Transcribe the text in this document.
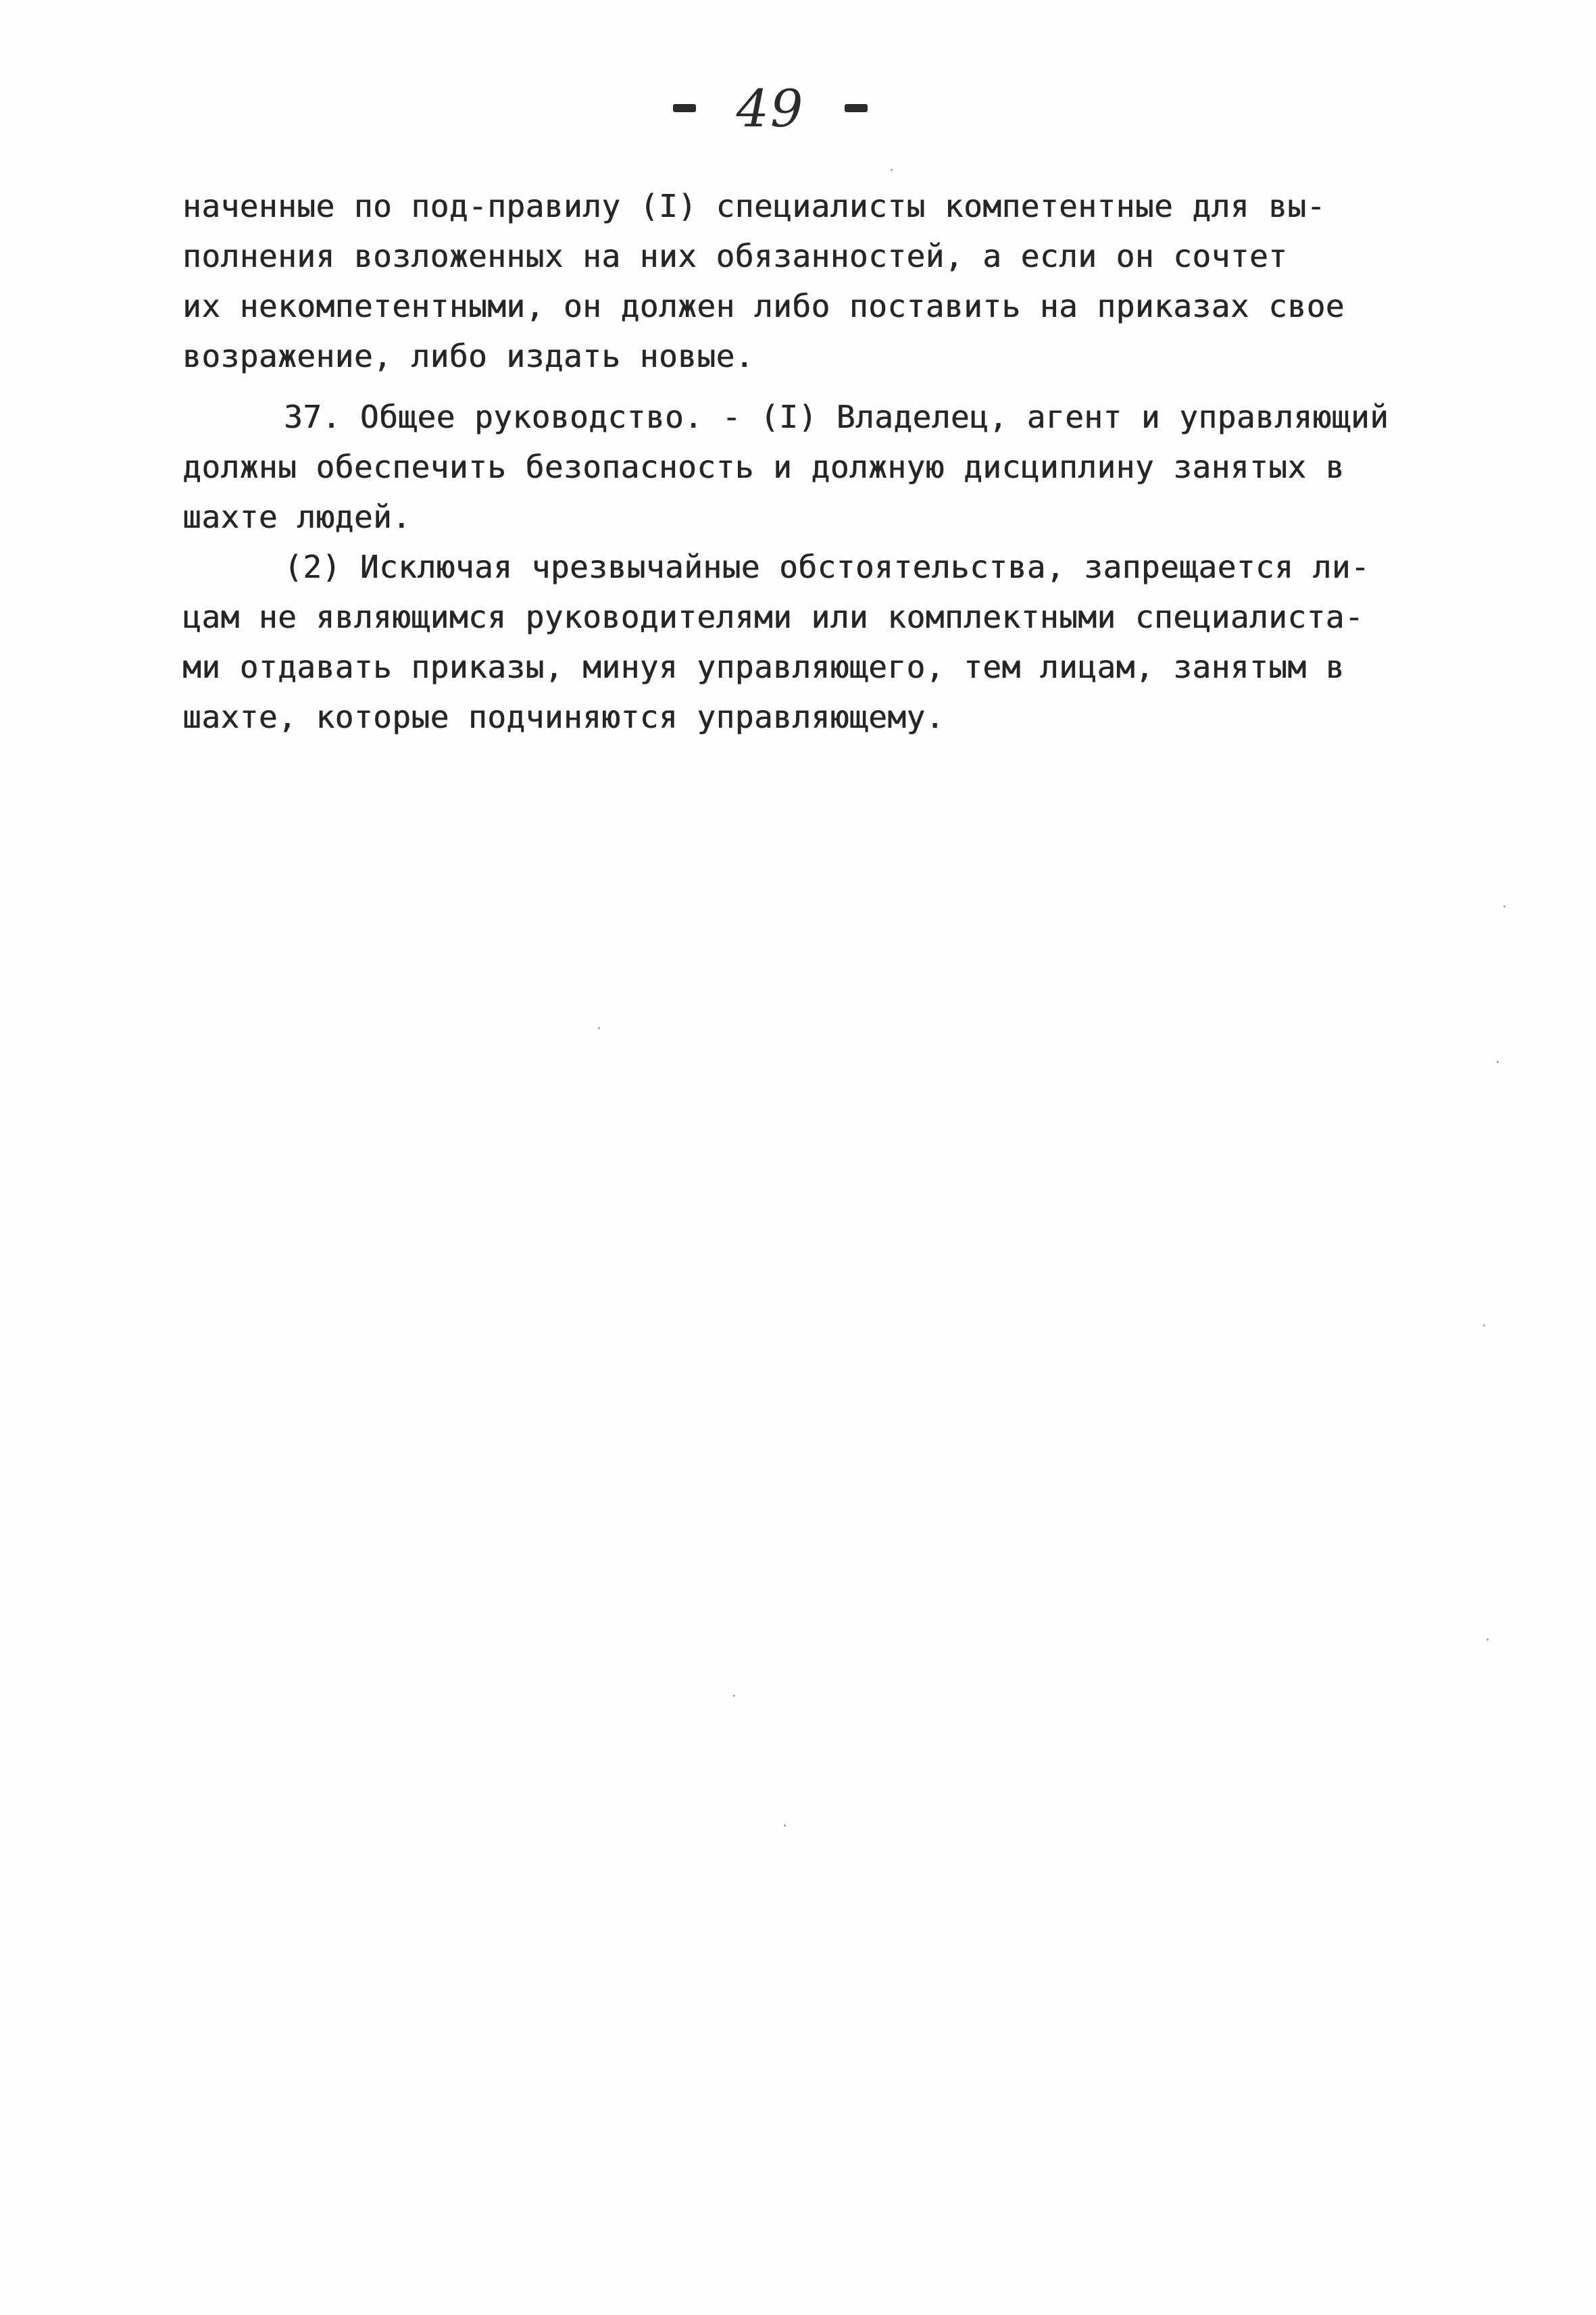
49
наченные по под-правилу (I) специалисты компетентные для вы-
полнения возложенных на них обязанностей, а если он сочтет
их некомпетентными, он должен либо поставить на приказах свое
возражение, либо издать новые.
37. Общее руководство. - (I) Владелец, агент и управляющий
должны обеспечить безопасность и должную дисциплину занятых в
шахте людей.
(2) Исключая чрезвычайные обстоятельства, запрещается ли-
цам не являющимся руководителями или комплектными специалиста-
ми отдавать приказы, минуя управляющего, тем лицам, занятым в
шахте, которые подчиняются управляющему.
